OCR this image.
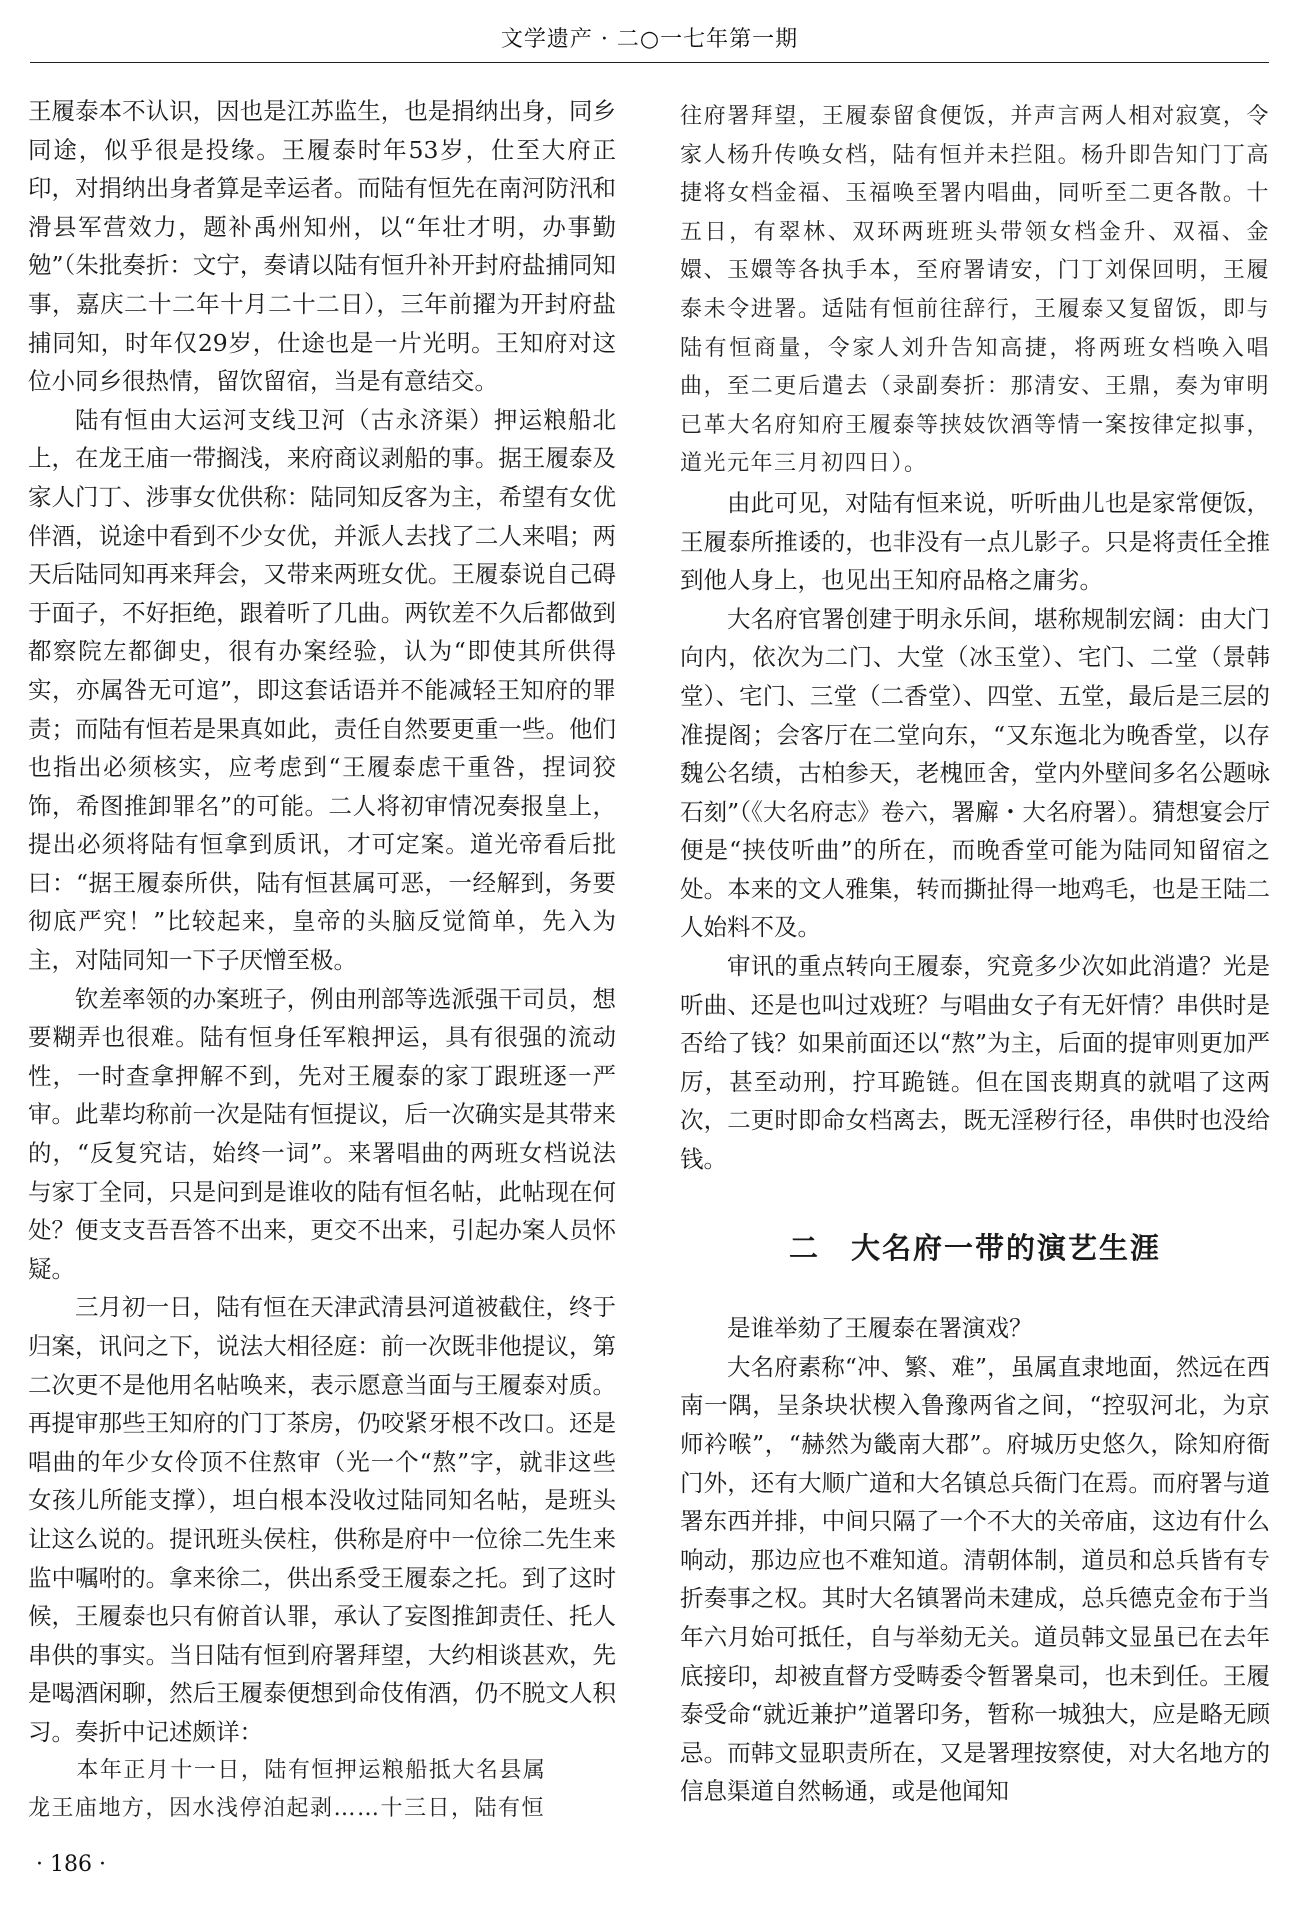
文学遗产 · 二○一七年第一期

王履泰本不认识，因也是江苏监生，也是捐纳出身，同乡同途，似乎很是投缘。王履泰时年53岁，仕至大府正印，对捐纳出身者算是幸运者。而陆有恒先在南河防汛和滑县军营效力，题补禹州知州，以“年壮才明，办事勤勉”（朱批奏折：文宁，奏请以陆有恒升补开封府盐捕同知事，嘉庆二十二年十月二十二日），三年前擢为开封府盐捕同知，时年仅29岁，仕途也是一片光明。王知府对这位小同乡很热情，留饮留宿，当是有意结交。

陆有恒由大运河支线卫河（古永济渠）押运粮船北上，在龙王庙一带搁浅，来府商议剥船的事。据王履泰及家人门丁、涉事女优供称：陆同知反客为主，希望有女优伴酒，说途中看到不少女优，并派人去找了二人来唱；两天后陆同知再来拜会，又带来两班女优。王履泰说自己碍于面子，不好拒绝，跟着听了几曲。两钦差不久后都做到都察院左都御史，很有办案经验，认为“即使其所供得实，亦属咎无可逭”，即这套话语并不能减轻王知府的罪责；而陆有恒若是果真如此，责任自然要更重一些。他们也指出必须核实，应考虑到“王履泰虑干重咎，捏词狡饰，希图推卸罪名”的可能。二人将初审情况奏报皇上，提出必须将陆有恒拿到质讯，才可定案。道光帝看后批曰：“据王履泰所供，陆有恒甚属可恶，一经解到，务要彻底严究！”比较起来，皇帝的头脑反觉简单，先入为主，对陆同知一下子厌憎至极。

钦差率领的办案班子，例由刑部等选派强干司员，想要糊弄也很难。陆有恒身任军粮押运，具有很强的流动性，一时查拿押解不到，先对王履泰的家丁跟班逐一严审。此辈均称前一次是陆有恒提议，后一次确实是其带来的，“反复究诘，始终一词”。来署唱曲的两班女档说法与家丁全同，只是问到是谁收的陆有恒名帖，此帖现在何处？便支支吾吾答不出来，更交不出来，引起办案人员怀疑。

三月初一日，陆有恒在天津武清县河道被截住，终于归案，讯问之下，说法大相径庭：前一次既非他提议，第二次更不是他用名帖唤来，表示愿意当面与王履泰对质。再提审那些王知府的门丁茶房，仍咬紧牙根不改口。还是唱曲的年少女伶顶不住熬审（光一个“熬”字，就非这些女孩儿所能支撑），坦白根本没收过陆同知名帖，是班头让这么说的。提讯班头侯柱，供称是府中一位徐二先生来监中嘱咐的。拿来徐二，供出系受王履泰之托。到了这时候，王履泰也只有俯首认罪，承认了妄图推卸责任、托人串供的事实。当日陆有恒到府署拜望，大约相谈甚欢，先是喝酒闲聊，然后王履泰便想到命伎侑酒，仍不脱文人积习。奏折中记述颇详：

本年正月十一日，陆有恒押运粮船抵大名县属

龙王庙地方，因水浅停泊起剥……十三日，陆有恒

往府署拜望，王履泰留食便饭，并声言两人相对寂寞，令家人杨升传唤女档，陆有恒并未拦阻。杨升即告知门丁高捷将女档金福、玉福唤至署内唱曲，同听至二更各散。十五日，有翠林、双环两班班头带领女档金升、双福、金嬛、玉嬛等各执手本，至府署请安，门丁刘保回明，王履泰未令进署。适陆有恒前往辞行，王履泰又复留饭，即与陆有恒商量，令家人刘升告知高捷，将两班女档唤入唱曲，至二更后遣去（录副奏折：那清安、王鼎，奏为审明已革大名府知府王履泰等挟妓饮酒等情一案按律定拟事，道光元年三月初四日）。

由此可见，对陆有恒来说，听听曲儿也是家常便饭，王履泰所推诿的，也非没有一点儿影子。只是将责任全推到他人身上，也见出王知府品格之庸劣。

大名府官署创建于明永乐间，堪称规制宏阔：由大门向内，依次为二门、大堂（冰玉堂）、宅门、二堂（景韩堂）、宅门、三堂（二香堂）、四堂、五堂，最后是三层的准提阁；会客厅在二堂向东，“又东迤北为晚香堂，以存魏公名绩，古柏参天，老槐匝舍，堂内外壁间多名公题咏石刻”（《大名府志》卷六，署廨・大名府署）。猜想宴会厅便是“挟伎听曲”的所在，而晚香堂可能为陆同知留宿之处。本来的文人雅集，转而撕扯得一地鸡毛，也是王陆二人始料不及。

审讯的重点转向王履泰，究竟多少次如此消遣？光是听曲、还是也叫过戏班？与唱曲女子有无奸情？串供时是否给了钱？如果前面还以“熬”为主，后面的提审则更加严厉，甚至动刑，拧耳跪链。但在国丧期真的就唱了这两次，二更时即命女档离去，既无淫秽行径，串供时也没给钱。

二　大名府一带的演艺生涯

是谁举劾了王履泰在署演戏？

大名府素称“冲、繁、难”，虽属直隶地面，然远在西南一隅，呈条块状楔入鲁豫两省之间，“控驭河北，为京师衿喉”，“赫然为畿南大郡”。府城历史悠久，除知府衙门外，还有大顺广道和大名镇总兵衙门在焉。而府署与道署东西并排，中间只隔了一个不大的关帝庙，这边有什么响动，那边应也不难知道。清朝体制，道员和总兵皆有专折奏事之权。其时大名镇署尚未建成，总兵德克金布于当年六月始可抵任，自与举劾无关。道员韩文显虽已在去年底接印，却被直督方受畴委令暂署臬司，也未到任。王履泰受命“就近兼护”道署印务，暂称一城独大，应是略无顾忌。而韩文显职责所在，又是署理按察使，对大名地方的信息渠道自然畅通，或是他闻知

· 186 ·
